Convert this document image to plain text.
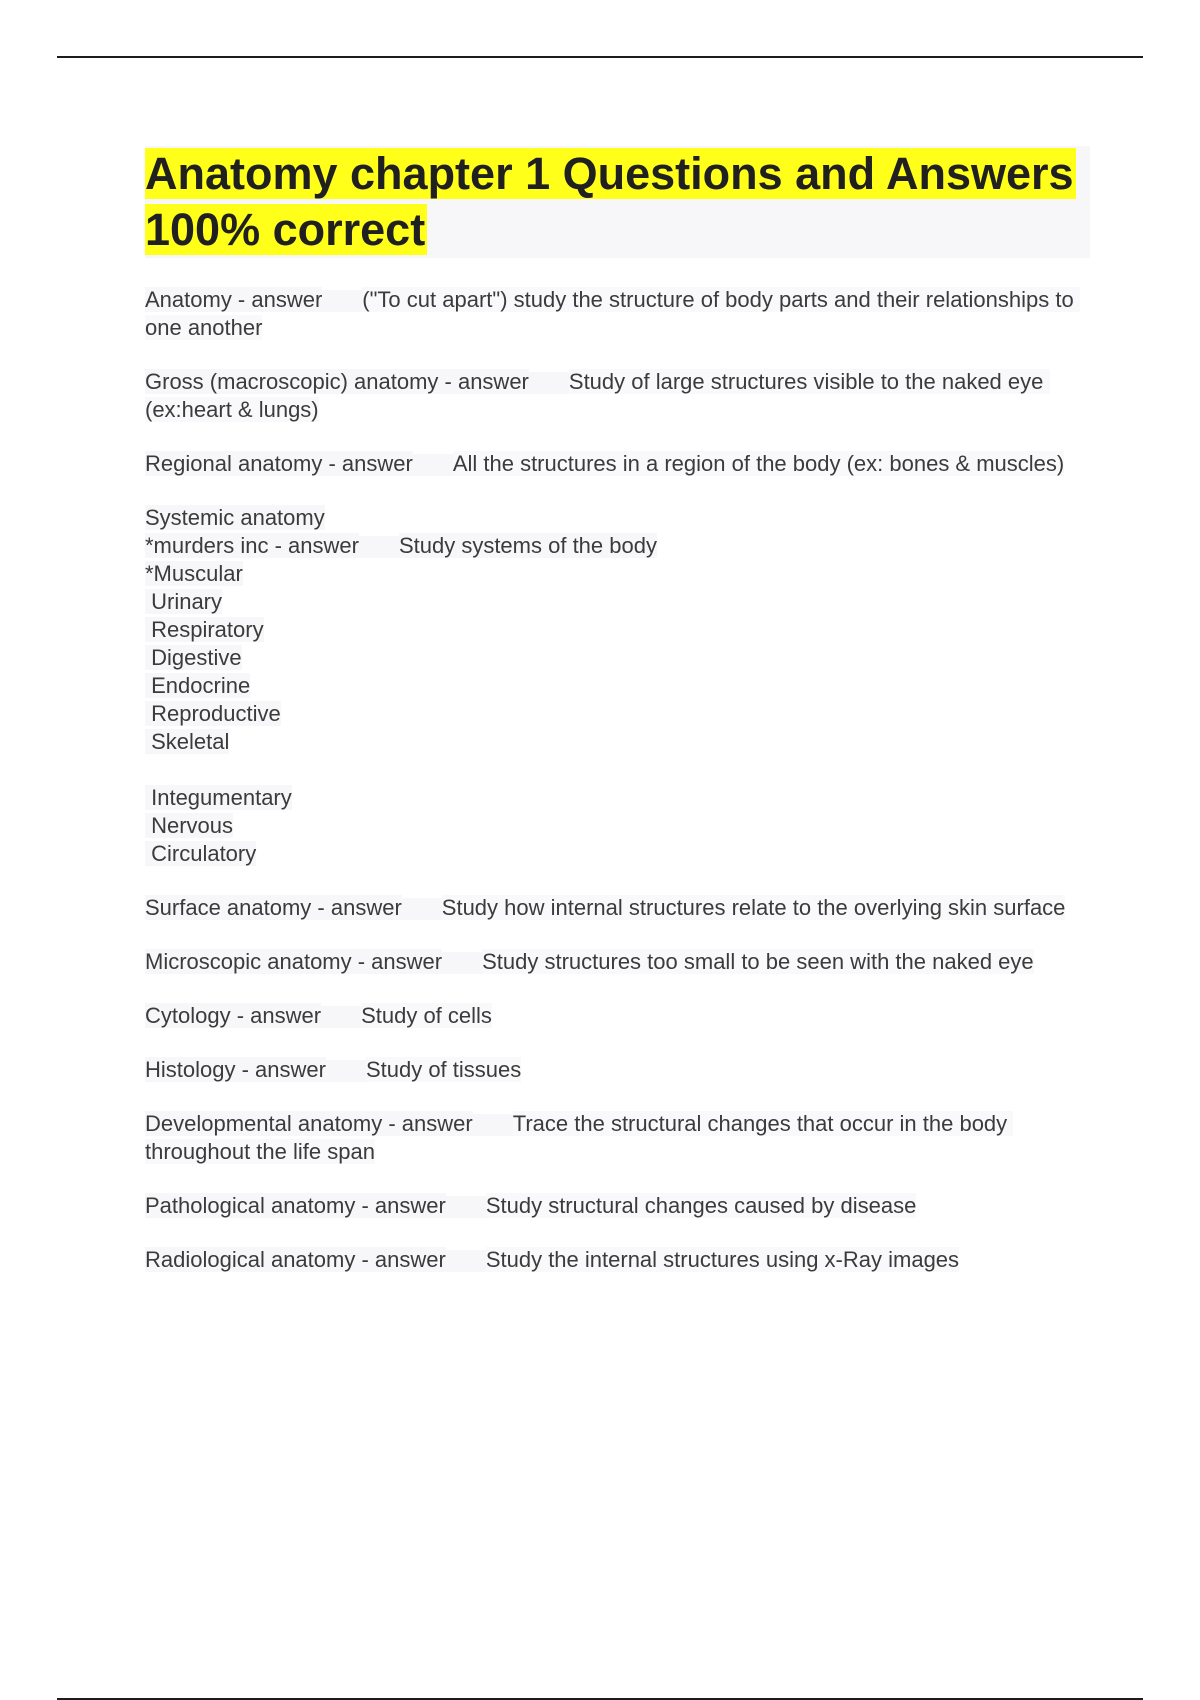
Anatomy chapter 1 Questions and Answers 100% correct

Anatomy - answer ("To cut apart") study the structure of body parts and their relationships to one another

Gross (macroscopic) anatomy - answer Study of large structures visible to the naked eye (ex:heart & lungs)

Regional anatomy - answer All the structures in a region of the body (ex: bones & muscles)

Systemic anatomy
*murders inc - answer Study systems of the body
*Muscular
Urinary
Respiratory
Digestive
Endocrine
Reproductive
Skeletal
Integumentary
Nervous
Circulatory

Surface anatomy - answer Study how internal structures relate to the overlying skin surface

Microscopic anatomy - answer Study structures too small to be seen with the naked eye

Cytology - answer Study of cells

Histology - answer Study of tissues

Developmental anatomy - answer Trace the structural changes that occur in the body throughout the life span

Pathological anatomy - answer Study structural changes caused by disease

Radiological anatomy - answer Study the internal structures using x-Ray images
